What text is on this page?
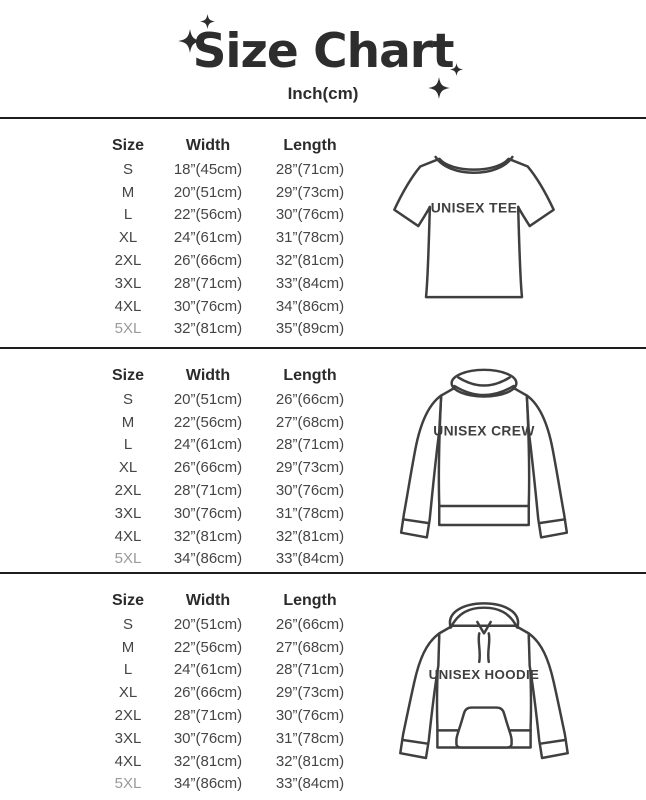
Size Chart
Inch(cm)
Size	Width	Length
S	18”(45cm)	28”(71cm)
M	20”(51cm)	29”(73cm)
L	22”(56cm)	30”(76cm)
XL	24”(61cm)	31”(78cm)
2XL	26”(66cm)	32”(81cm)
3XL	28”(71cm)	33”(84cm)
4XL	30”(76cm)	34”(86cm)
5XL	32”(81cm)	35”(89cm)
UNISEX TEE
Size	Width	Length
S	20”(51cm)	26”(66cm)
M	22”(56cm)	27”(68cm)
L	24”(61cm)	28”(71cm)
XL	26”(66cm)	29”(73cm)
2XL	28”(71cm)	30”(76cm)
3XL	30”(76cm)	31”(78cm)
4XL	32”(81cm)	32”(81cm)
5XL	34”(86cm)	33”(84cm)
UNISEX CREW
Size	Width	Length
S	20”(51cm)	26”(66cm)
M	22”(56cm)	27”(68cm)
L	24”(61cm)	28”(71cm)
XL	26”(66cm)	29”(73cm)
2XL	28”(71cm)	30”(76cm)
3XL	30”(76cm)	31”(78cm)
4XL	32”(81cm)	32”(81cm)
5XL	34”(86cm)	33”(84cm)
UNISEX HOODIE
